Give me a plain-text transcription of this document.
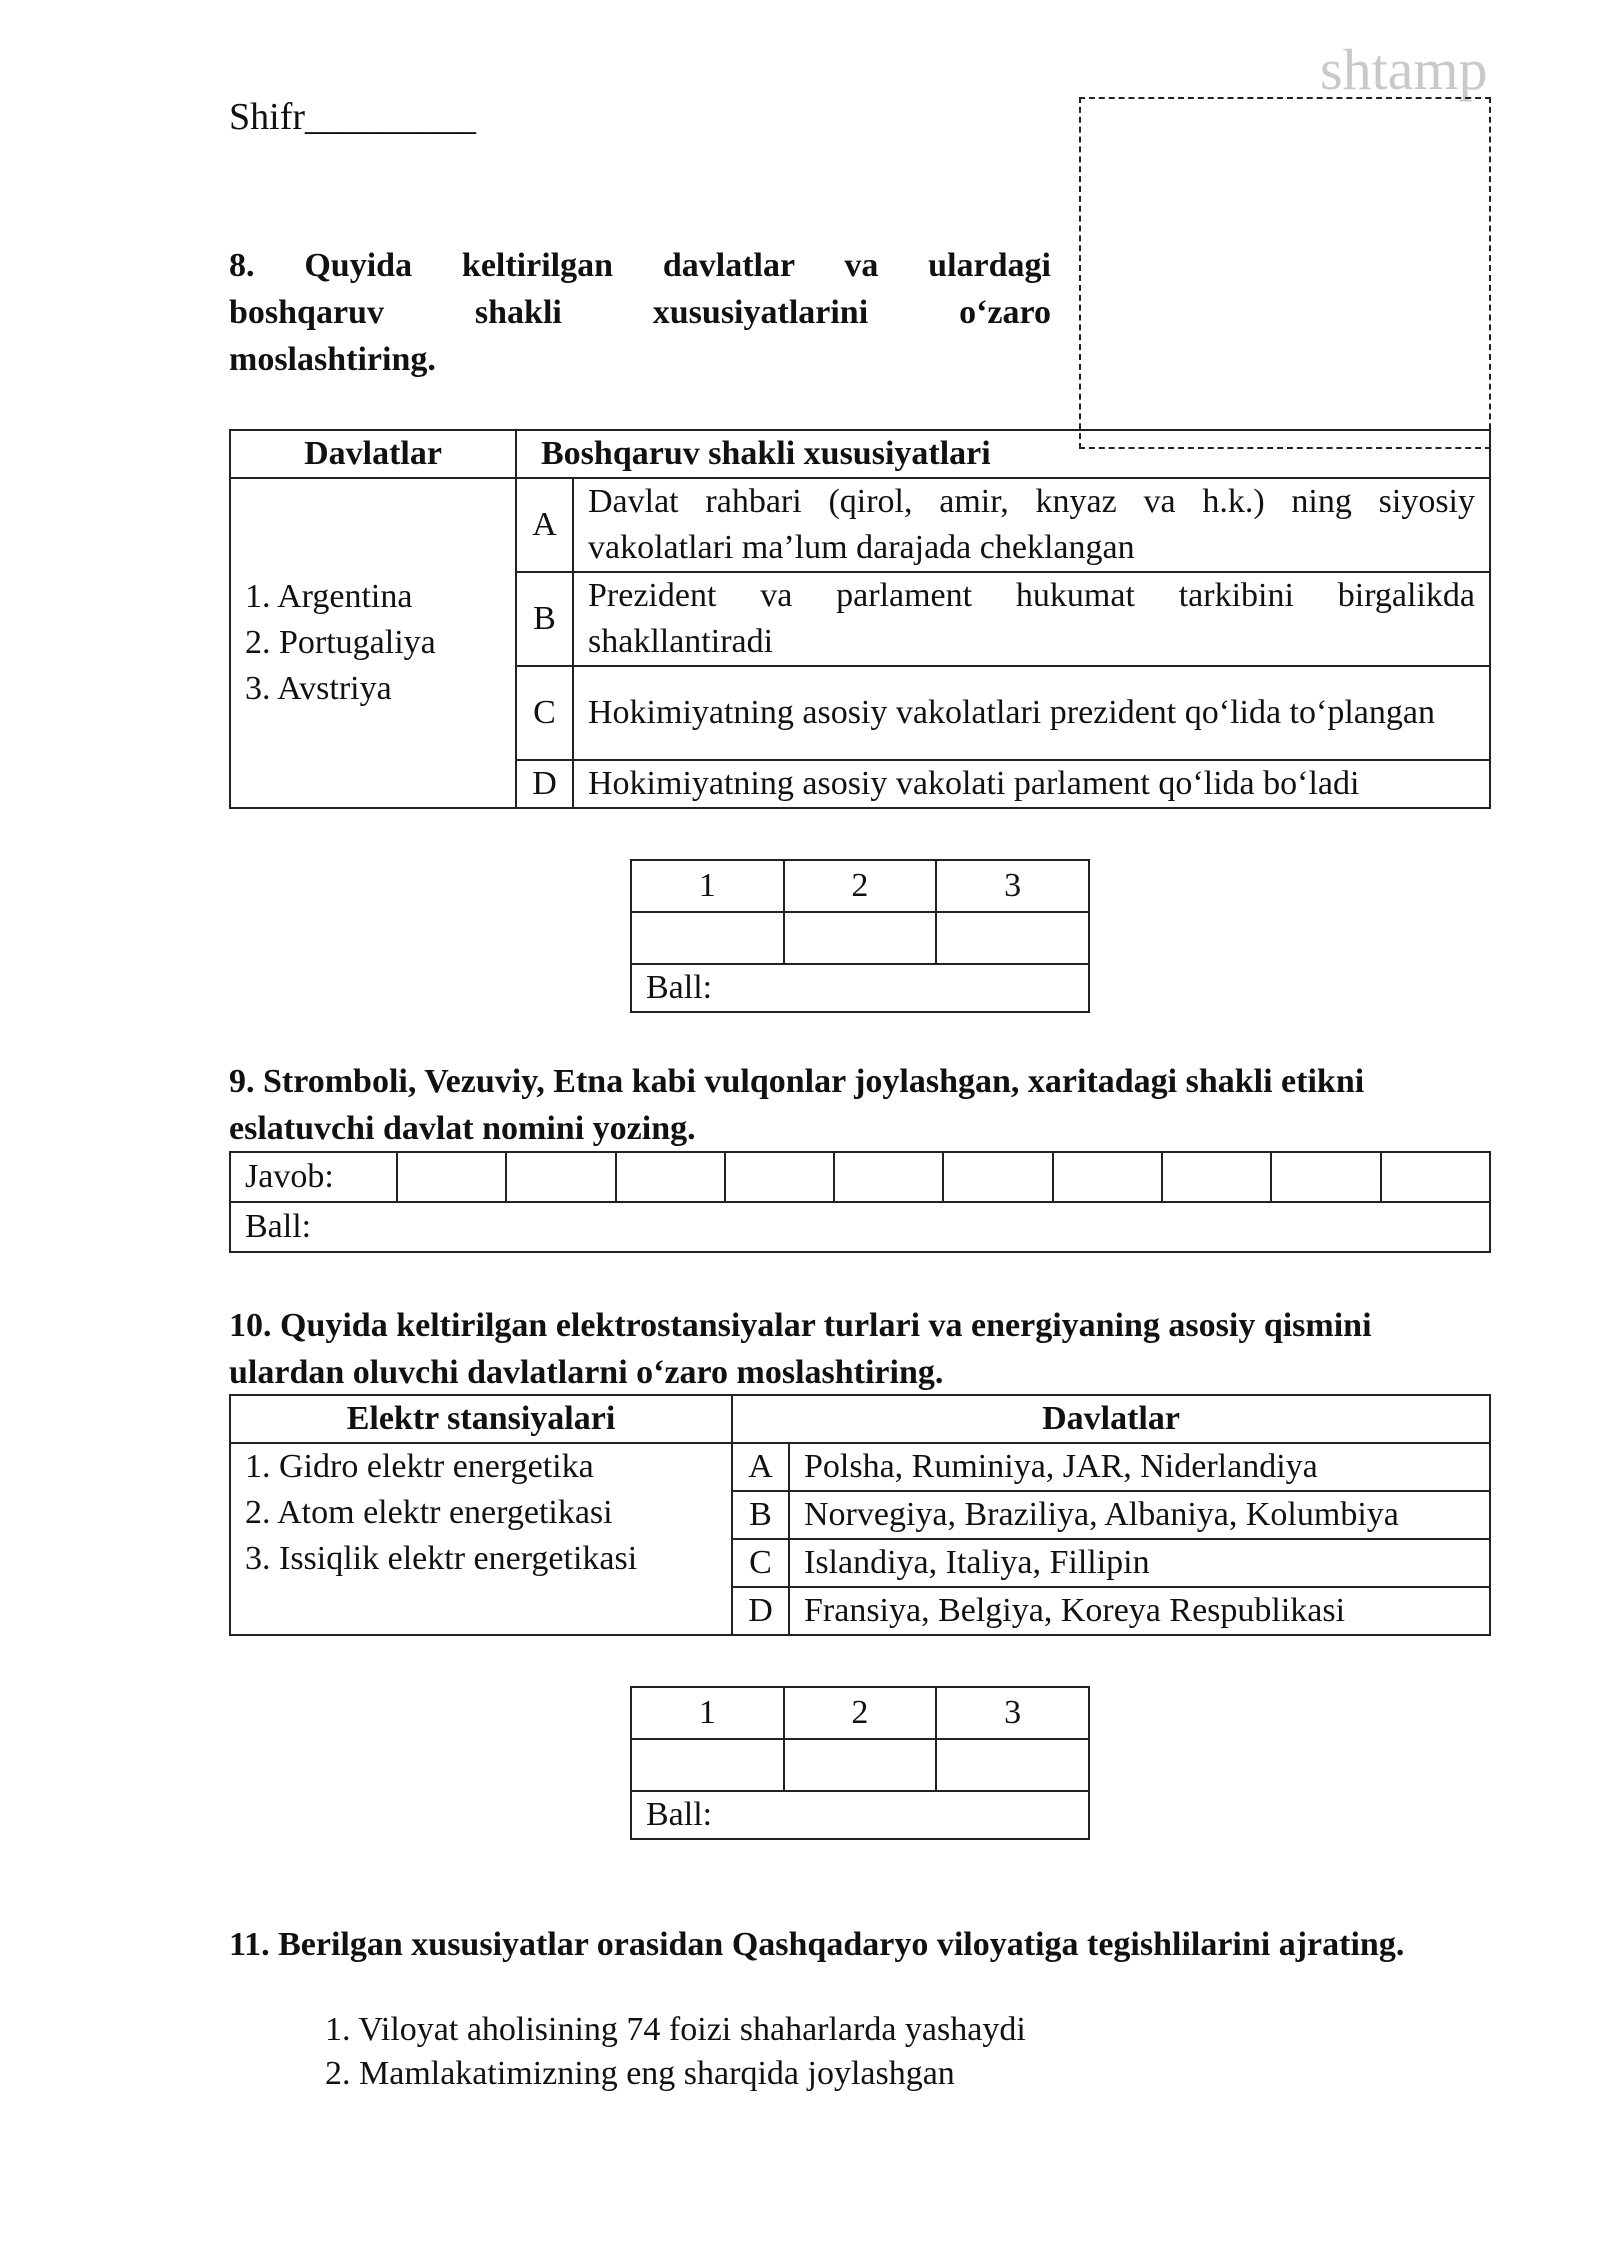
Shifr_________
shtamp
8. Quyida keltirilgan davlatlar va ulardagi
boshqaruv shakli xususiyatlarini o‘zaro
moslashtiring.
Davlatlar	Boshqaruv shakli xususiyatlari	

1. Argentina
2. Portugaliya
3. Avstriya	A	Davlat rahbari (qirol, amir, knyaz va h.k.) ning siyosiy vakolatlari ma’lum darajada cheklangan
	B	Prezident va parlament hukumat tarkibini birgalikda shakllantiradi
	C	Hokimiyatning asosiy vakolatlari prezident qo‘lida to‘plangan
	D	Hokimiyatning asosiy vakolati parlament qo‘lida bo‘ladi
1	2	3

Ball:		
9. Stromboli, Vezuviy, Etna kabi vulqonlar joylashgan, xaritadagi shakli etikni eslatuvchi davlat nomini yozing.
Javob:										
Ball:
10. Quyida keltirilgan elektrostansiyalar turlari va energiyaning asosiy qismini ulardan oluvchi davlatlarni o‘zaro moslashtiring.
Elektr stansiyalari	Davlatlar	

1. Gidro elektr energetika
2. Atom elektr energetikasi
3. Issiqlik elektr energetikasi	A	Polsha, Ruminiya, JAR, Niderlandiya
	B	Norvegiya, Braziliya, Albaniya, Kolumbiya
	C	Islandiya, Italiya, Fillipin
	D	Fransiya, Belgiya, Koreya Respublikasi
1	2	3

Ball:		
11. Berilgan xususiyatlar orasidan Qashqadaryo viloyatiga tegishlilarini ajrating.
1. Viloyat aholisining 74 foizi shaharlarda yashaydi
2. Mamlakatimizning eng sharqida joylashgan
